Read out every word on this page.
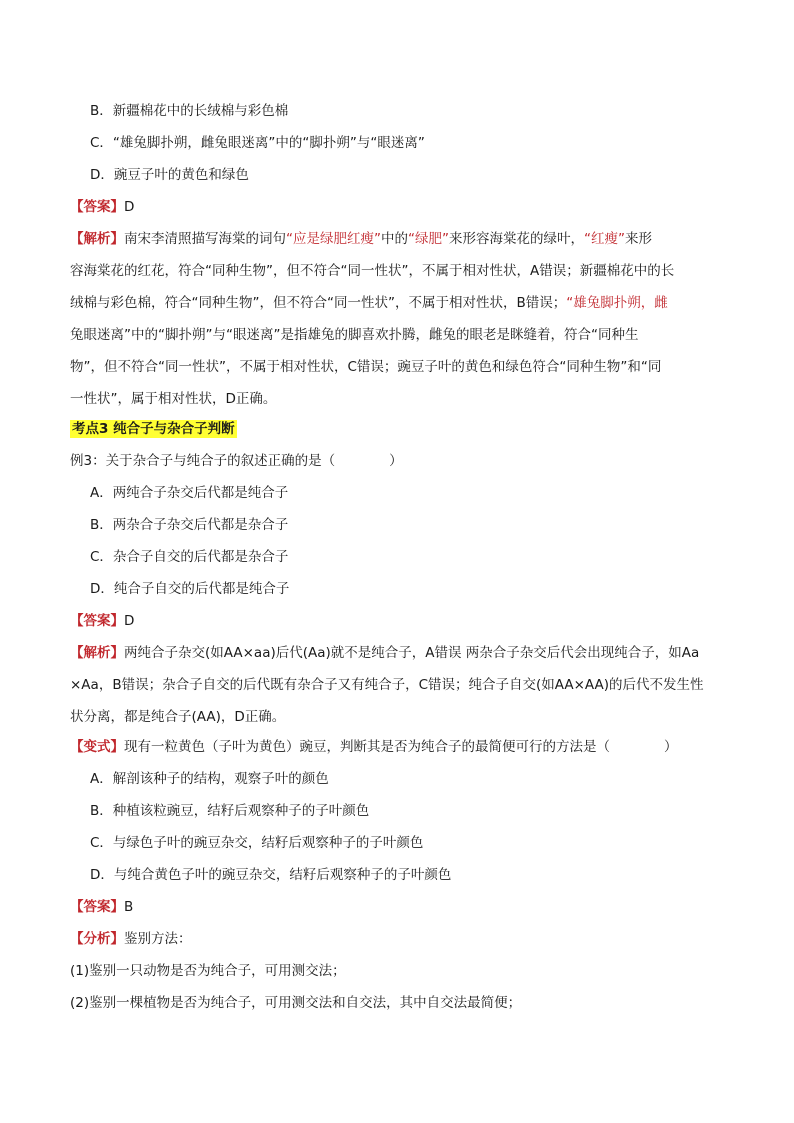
B．新疆棉花中的长绒棉与彩色棉
C．“雄兔脚扑朔，雌兔眼迷离”中的“脚扑朔”与“眼迷离”
D．豌豆子叶的黄色和绿色
【答案】D
【解析】南宋李清照描写海棠的词句“应是绿肥红瘦”中的“绿肥”来形容海棠花的绿叶，“红瘦”来形
容海棠花的红花，符合“同种生物”，但不符合“同一性状”，不属于相对性状，A错误；新疆棉花中的长
绒棉与彩色棉，符合“同种生物”，但不符合“同一性状”，不属于相对性状，B错误；“雄兔脚扑朔，雌
兔眼迷离”中的“脚扑朔”与“眼迷离”是指雄兔的脚喜欢扑腾，雌兔的眼老是眯缝着，符合“同种生
物”，但不符合“同一性状”，不属于相对性状，C错误；豌豆子叶的黄色和绿色符合“同种生物”和“同
一性状”，属于相对性状，D正确。
考点3 纯合子与杂合子判断
例3：关于杂合子与纯合子的叙述正确的是（　　　　）
A．两纯合子杂交后代都是纯合子
B．两杂合子杂交后代都是杂合子
C．杂合子自交的后代都是杂合子
D．纯合子自交的后代都是纯合子
【答案】D
【解析】两纯合子杂交(如AA×aa)后代(Aa)就不是纯合子，A错误 两杂合子杂交后代会出现纯合子，如Aa
×Aa，B错误；杂合子自交的后代既有杂合子又有纯合子，C错误；纯合子自交(如AA×AA)的后代不发生性
状分离，都是纯合子(AA)，D正确。
【变式】现有一粒黄色（子叶为黄色）豌豆，判断其是否为纯合子的最简便可行的方法是（　　　　）
A．解剖该种子的结构，观察子叶的颜色
B．种植该粒豌豆，结籽后观察种子的子叶颜色
C．与绿色子叶的豌豆杂交，结籽后观察种子的子叶颜色
D．与纯合黄色子叶的豌豆杂交，结籽后观察种子的子叶颜色
【答案】B
【分析】鉴别方法：
(1)鉴别一只动物是否为纯合子，可用测交法；
(2)鉴别一棵植物是否为纯合子，可用测交法和自交法，其中自交法最简便；
